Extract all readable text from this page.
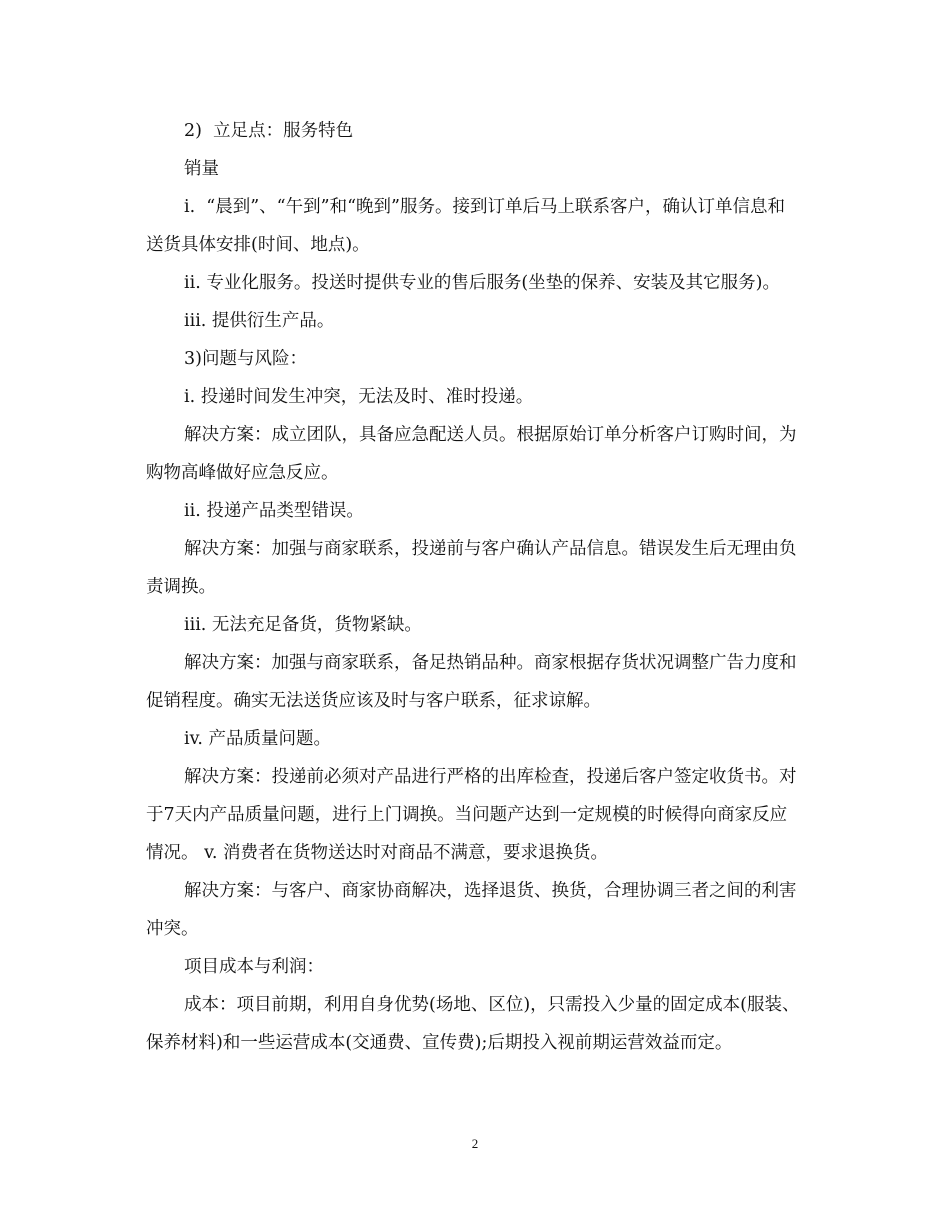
2)  立足点：服务特色

销量

i.  “晨到”、“午到”和“晚到”服务。接到订单后马上联系客户，确认订单信息和送货具体安排(时间、地点)。

ii. 专业化服务。投送时提供专业的售后服务(坐垫的保养、安装及其它服务)。

iii. 提供衍生产品。

3)问题与风险：

i. 投递时间发生冲突，无法及时、准时投递。

解决方案：成立团队，具备应急配送人员。根据原始订单分析客户订购时间，为购物高峰做好应急反应。

ii. 投递产品类型错误。

解决方案：加强与商家联系，投递前与客户确认产品信息。错误发生后无理由负责调换。

iii. 无法充足备货，货物紧缺。

解决方案：加强与商家联系，备足热销品种。商家根据存货状况调整广告力度和促销程度。确实无法送货应该及时与客户联系，征求谅解。

iv. 产品质量问题。

解决方案：投递前必须对产品进行严格的出库检查，投递后客户签定收货书。对于7天内产品质量问题，进行上门调换。当问题产达到一定规模的时候得向商家反应情况。 v. 消费者在货物送达时对商品不满意，要求退换货。

解决方案：与客户、商家协商解决，选择退货、换货，合理协调三者之间的利害冲突。

项目成本与利润：

成本：项目前期，利用自身优势(场地、区位)，只需投入少量的固定成本(服装、保养材料)和一些运营成本(交通费、宣传费);后期投入视前期运营效益而定。

2
